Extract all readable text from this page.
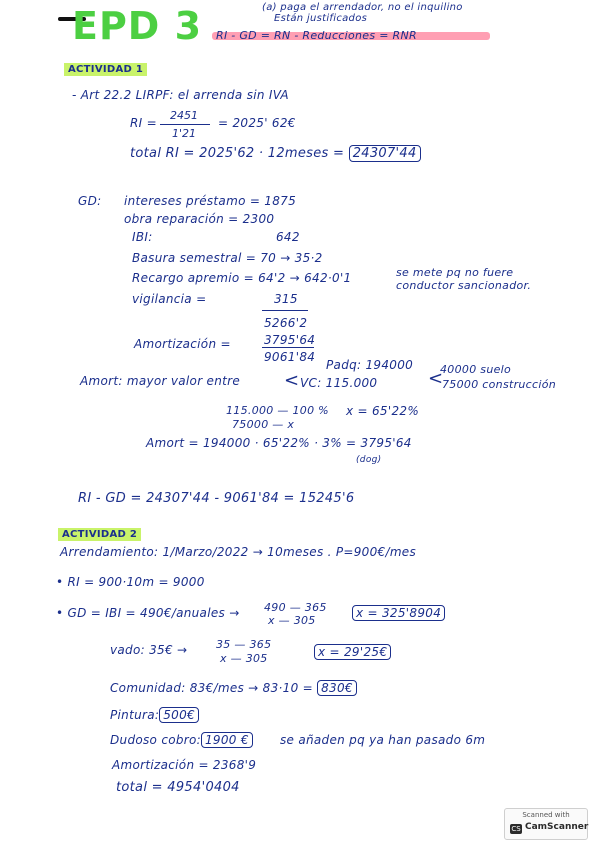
EPD 3	(a) paga el arrendador, no el inquilino
Están justificados
RI - GD = RN - Reducciones = RNR
ACTIVIDAD 1
- Art 22.2 LIRPF: el arrenda sin IVA
RI =
2451
1'21
= 2025' 62€
total RI = 2025'62 · 12meses = 24307'44
GD: intereses préstamo = 1875
obra reparación = 2300
IBI:	642
Basura semestral = 70 → 35·2
Recargo apremio = 64'2 → 642·0'1	se mete pq no fuere
conductor sancionador.
vigilancia =	315
5266'2
Amortización =	3795'64
9061'84
Amort: mayor valor entre <
Padq: 194000
VC: 115.000	<
40000 suelo
75000 construcción
115.000 — 100 %
75000 — x
x = 65'22%
Amort = 194000 · 65'22% · 3% = 3795'64
(dog)
RI - GD = 24307'44 - 9061'84 = 15245'6
ACTIVIDAD 2
Arrendamiento: 1/Marzo/2022 → 10meses . P=900€/mes
• RI = 900·10m = 9000
• GD = IBI = 490€/anuales → 490 — 365
x — 305
x = 325'8904
vado: 35€ →	35 — 365
x — 305	x = 29'25€
Comunidad: 83€/mes → 83·10 = 830€
Pintura: 500€
Dudoso cobro: 1900 €	se añaden pq ya han pasado 6m
Amortización = 2368'9
total = 4954'0404
Scanned with
CS CamScanner
